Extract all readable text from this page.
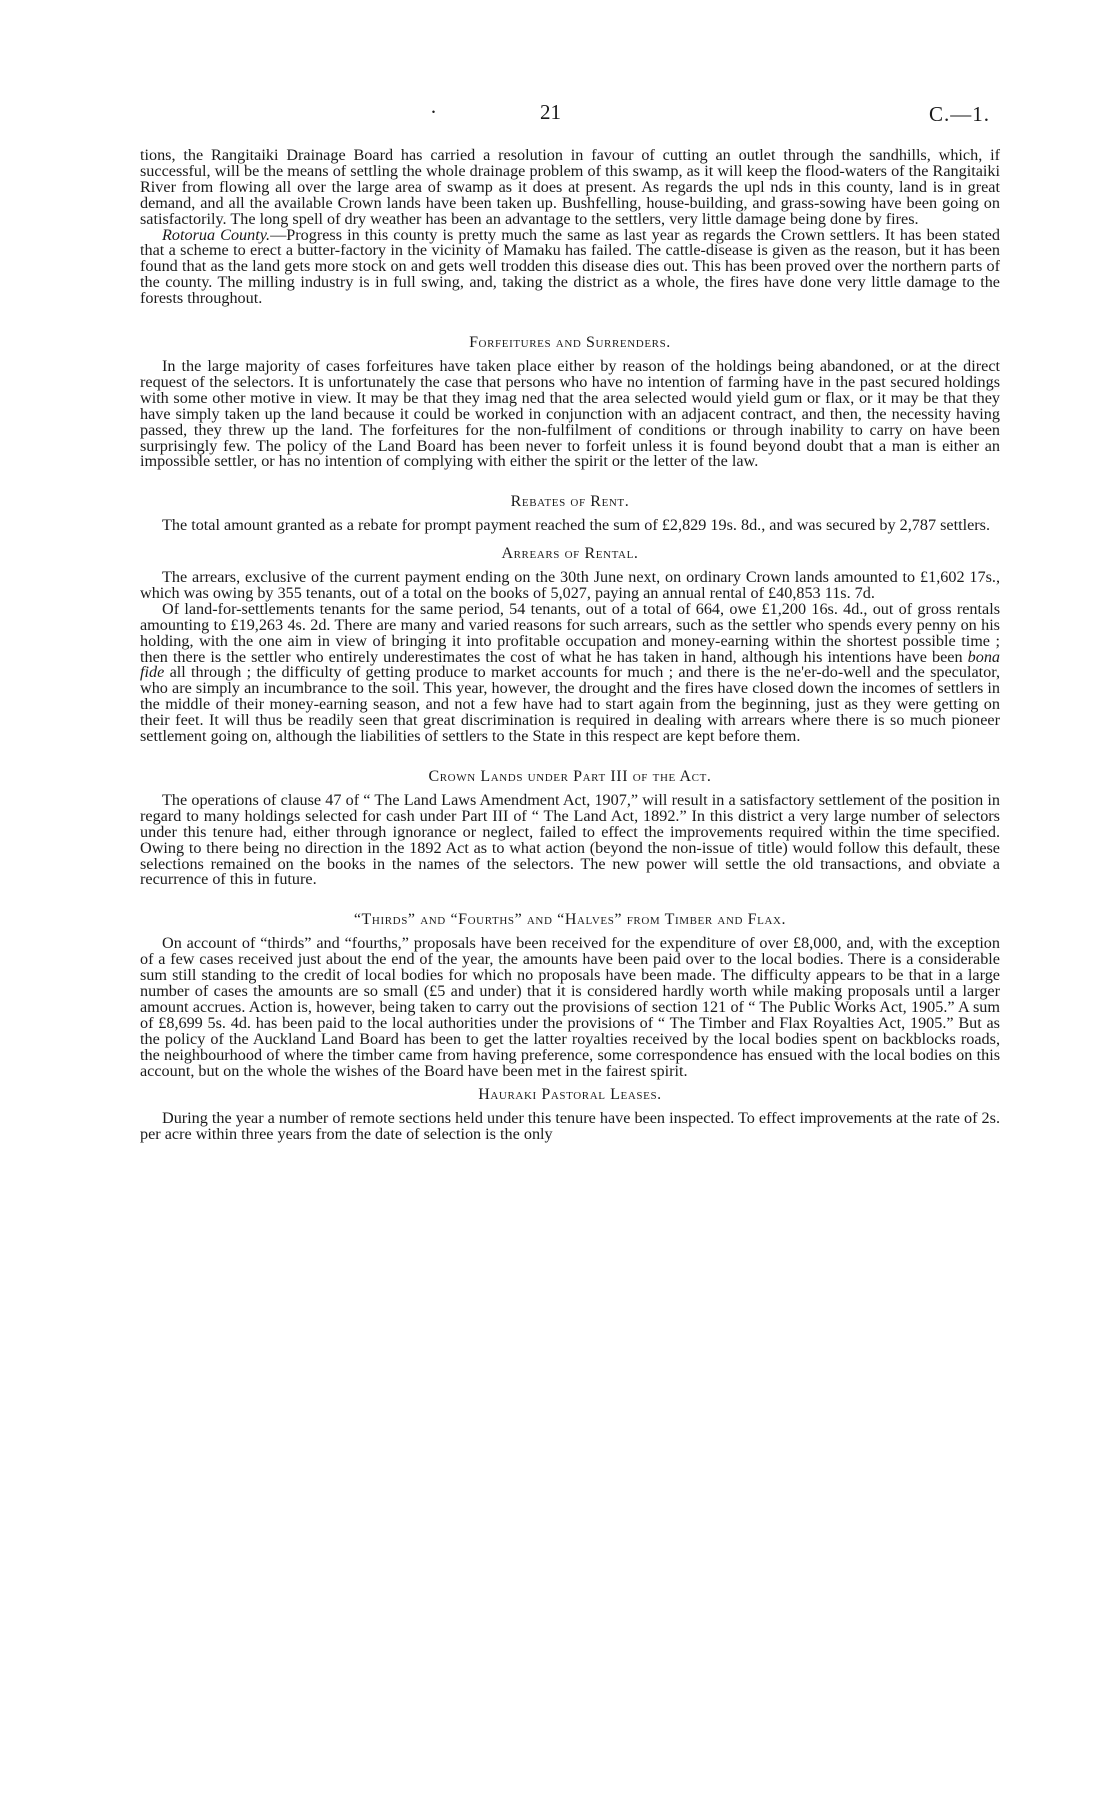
·	21	C.—1.

tions, the Rangitaiki Drainage Board has carried a resolution in favour of cutting an outlet through the sandhills, which, if successful, will be the means of settling the whole drainage problem of this swamp, as it will keep the flood-waters of the Rangitaiki River from flowing all over the large area of swamp as it does at present. As regards the upl nds in this county, land is in great demand, and all the available Crown lands have been taken up. Bushfelling, house-building, and grass-sowing have been going on satisfactorily. The long spell of dry weather has been an advantage to the settlers, very little damage being done by fires.

Rotorua County.—Progress in this county is pretty much the same as last year as regards the Crown settlers. It has been stated that a scheme to erect a butter-factory in the vicinity of Mamaku has failed. The cattle-disease is given as the reason, but it has been found that as the land gets more stock on and gets well trodden this disease dies out. This has been proved over the northern parts of the county. The milling industry is in full swing, and, taking the district as a whole, the fires have done very little damage to the forests throughout.

Forfeitures and Surrenders.

In the large majority of cases forfeitures have taken place either by reason of the holdings being abandoned, or at the direct request of the selectors. It is unfortunately the case that persons who have no intention of farming have in the past secured holdings with some other motive in view. It may be that they imag ned that the area selected would yield gum or flax, or it may be that they have simply taken up the land because it could be worked in conjunction with an adjacent contract, and then, the necessity having passed, they threw up the land. The forfeitures for the non-fulfilment of conditions or through inability to carry on have been surprisingly few. The policy of the Land Board has been never to forfeit unless it is found beyond doubt that a man is either an impossible settler, or has no intention of complying with either the spirit or the letter of the law.

Rebates of Rent.

The total amount granted as a rebate for prompt payment reached the sum of £2,829 19s. 8d., and was secured by 2,787 settlers.

Arrears of Rental.

The arrears, exclusive of the current payment ending on the 30th June next, on ordinary Crown lands amounted to £1,602 17s., which was owing by 355 tenants, out of a total on the books of 5,027, paying an annual rental of £40,853 11s. 7d.

Of land-for-settlements tenants for the same period, 54 tenants, out of a total of 664, owe £1,200 16s. 4d., out of gross rentals amounting to £19,263 4s. 2d. There are many and varied reasons for such arrears, such as the settler who spends every penny on his holding, with the one aim in view of bringing it into profitable occupation and money-earning within the shortest possible time ; then there is the settler who entirely underestimates the cost of what he has taken in hand, although his intentions have been bona fide all through ; the difficulty of getting produce to market accounts for much ; and there is the ne'er-do-well and the speculator, who are simply an incumbrance to the soil. This year, however, the drought and the fires have closed down the incomes of settlers in the middle of their money-earning season, and not a few have had to start again from the beginning, just as they were getting on their feet. It will thus be readily seen that great discrimination is required in dealing with arrears where there is so much pioneer settlement going on, although the liabilities of settlers to the State in this respect are kept before them.

Crown Lands under Part III of the Act.

The operations of clause 47 of “ The Land Laws Amendment Act, 1907,” will result in a satisfactory settlement of the position in regard to many holdings selected for cash under Part III of “ The Land Act, 1892.” In this district a very large number of selectors under this tenure had, either through ignorance or neglect, failed to effect the improvements required within the time specified. Owing to there being no direction in the 1892 Act as to what action (beyond the non-issue of title) would follow this default, these selections remained on the books in the names of the selectors. The new power will settle the old transactions, and obviate a recurrence of this in future.

“Thirds” and “Fourths” and “Halves” from Timber and Flax.

On account of “thirds” and “fourths,” proposals have been received for the expenditure of over £8,000, and, with the exception of a few cases received just about the end of the year, the amounts have been paid over to the local bodies. There is a considerable sum still standing to the credit of local bodies for which no proposals have been made. The difficulty appears to be that in a large number of cases the amounts are so small (£5 and under) that it is considered hardly worth while making proposals until a larger amount accrues. Action is, however, being taken to carry out the provisions of section 121 of “ The Public Works Act, 1905.” A sum of £8,699 5s. 4d. has been paid to the local authorities under the provisions of “ The Timber and Flax Royalties Act, 1905.” But as the policy of the Auckland Land Board has been to get the latter royalties received by the local bodies spent on backblocks roads, the neighbourhood of where the timber came from having preference, some correspondence has ensued with the local bodies on this account, but on the whole the wishes of the Board have been met in the fairest spirit.

Hauraki Pastoral Leases.

During the year a number of remote sections held under this tenure have been inspected. To effect improvements at the rate of 2s. per acre within three years from the date of selection is the only
